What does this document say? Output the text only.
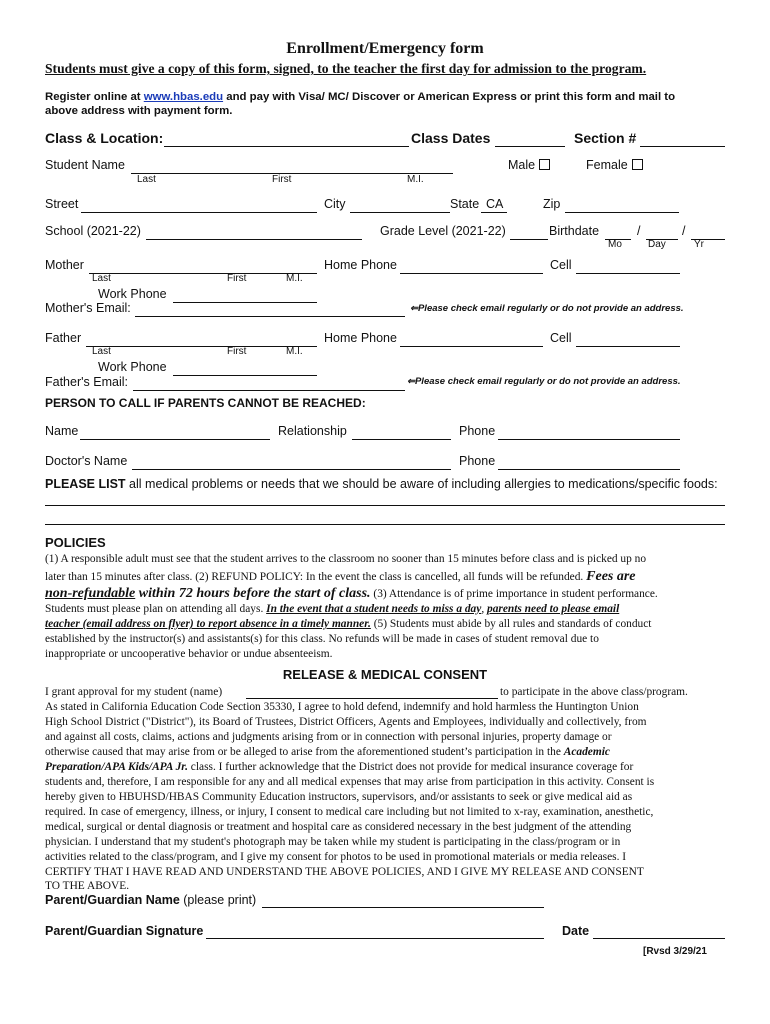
Enrollment/Emergency form
Students must give a copy of this form, signed, to the teacher the first day for admission to the program.
Register online at www.hbas.edu and pay with Visa/ MC/ Discover or American Express or print this form and mail to
above address with payment form.
Class & Location:	Class Dates	Section #
Student Name
Last	First	M.I.
Male	Female
Street	City	State CA	Zip
School (2021-22)	Grade Level (2021-22)	Birthdate	/	/
Mo	Day	Yr
Mother	Home Phone	Cell
Last	First	M.I.
Work Phone
Mother's Email:	⇐Please check email regularly or do not provide an address.
Father	Home Phone	Cell
Last	First	M.I.
Work Phone
Father's Email:	⇐Please check email regularly or do not provide an address.
PERSON TO CALL IF PARENTS CANNOT BE REACHED:
Name	Relationship	Phone
Doctor's Name	Phone
PLEASE LIST all medical problems or needs that we should be aware of including allergies to medications/specific foods:
POLICIES
(1) A responsible adult must see that the student arrives to the classroom no sooner than 15 minutes before class and is picked up no
later than 15 minutes after class. (2) REFUND POLICY: In the event the class is cancelled, all funds will be refunded. Fees are
non-refundable within 72 hours before the start of class. (3) Attendance is of prime importance in student performance.
Students must please plan on attending all days. In the event that a student needs to miss a day, parents need to please email
teacher (email address on flyer) to report absence in a timely manner. (5) Students must abide by all rules and standards of conduct
established by the instructor(s) and assistants(s) for this class. No refunds will be made in cases of student removal due to
inappropriate or uncooperative behavior or undue absenteeism.
RELEASE & MEDICAL CONSENT
I grant approval for my student (name)	to participate in the above class/program.
As stated in California Education Code Section 35330, I agree to hold defend, indemnify and hold harmless the Huntington Union
High School District ("District"), its Board of Trustees, District Officers, Agents and Employees, individually and collectively, from
and against all costs, claims, actions and judgments arising from or in connection with personal injuries, property damage or
otherwise caused that may arise from or be alleged to arise from the aforementioned student’s participation in the Academic
Preparation/APA Kids/APA Jr. class. I further acknowledge that the District does not provide for medical insurance coverage for
students and, therefore, I am responsible for any and all medical expenses that may arise from participation in this activity. Consent is
hereby given to HBUHSD/HBAS Community Education instructors, supervisors, and/or assistants to seek or give medical aid as
required. In case of emergency, illness, or injury, I consent to medical care including but not limited to x-ray, examination, anesthetic,
medical, surgical or dental diagnosis or treatment and hospital care as considered necessary in the best judgment of the attending
physician. I understand that my student's photograph may be taken while my student is participating in the class/program or in
activities related to the class/program, and I give my consent for photos to be used in promotional materials or media releases. I
CERTIFY THAT I HAVE READ AND UNDERSTAND THE ABOVE POLICIES, AND I GIVE MY RELEASE AND CONSENT
TO THE ABOVE.
Parent/Guardian Name (please print)
Parent/Guardian Signature	Date
[Rvsd 3/29/21
